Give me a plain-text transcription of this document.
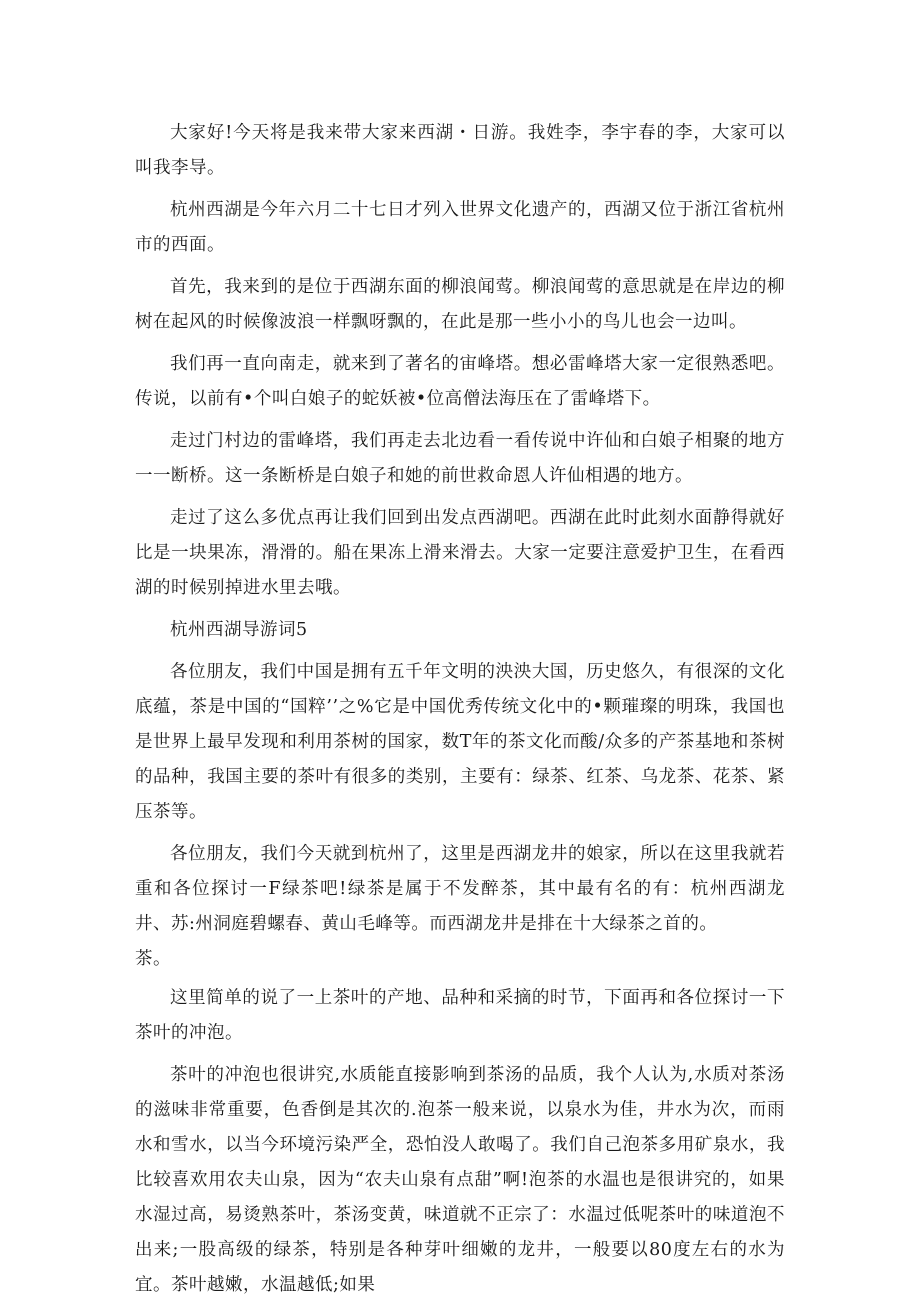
大家好!今天将是我来带大家来西湖・日游。我姓李，李宇春的李，大家可以叫我李导。

杭州西湖是今年六月二十七日才列入世界文化遗产的，西湖又位于浙江省杭州市的西面。

首先，我来到的是位于西湖东面的柳浪闻莺。柳浪闻莺的意思就是在岸边的柳树在起风的时候像波浪一样飘呀飘的，在此是那一些小小的鸟儿也会一边叫。

我们再一直向南走，就来到了著名的宙峰塔。想必雷峰塔大家一定很熟悉吧。传说，以前有•个叫白娘子的蛇妖被•位高僧法海压在了雷峰塔下。

走过门村边的雷峰塔，我们再走去北边看一看传说中许仙和白娘子相聚的地方一一断桥。这一条断桥是白娘子和她的前世救命恩人许仙相遇的地方。

走过了这么多优点再让我们回到出发点西湖吧。西湖在此时此刻水面静得就好比是一块果冻，滑滑的。船在果冻上滑来滑去。大家一定要注意爱护卫生，在看西湖的时候别掉进水里去哦。

杭州西湖导游词5

各位朋友，我们中国是拥有五千年文明的泱泱大国，历史悠久，有很深的文化底蕴，茶是中国的“国粹’’之%它是中国优秀传统文化中的•颗璀璨的明珠，我国也是世界上最早发现和利用茶树的国家，数T年的茶文化而酸/众多的产茶基地和茶树的品种，我国主要的茶叶有很多的类别，主要有：绿茶、红茶、乌龙茶、花茶、紧压茶等。

各位朋友，我们今天就到杭州了，这里是西湖龙井的娘家，所以在这里我就若重和各位探讨一F绿茶吧!绿茶是属于不发醉茶，其中最有名的有：杭州西湖龙井、苏:州洞庭碧螺春、黄山毛峰等。而西湖龙井是排在十大绿茶之首的。

茶。

这里简单的说了一上茶叶的产地、品种和采摘的时节，下面再和各位探讨一下茶叶的冲泡。

茶叶的冲泡也很讲究,水质能直接影响到茶汤的品质，我个人认为,水质对茶汤的滋味非常重要，色香倒是其次的.泡茶一般来说，以泉水为佳，井水为次，而雨水和雪水，以当今环境污染严全，恐怕没人敢喝了。我们自己泡茶多用矿泉水，我比较喜欢用农夫山泉，因为“农夫山泉有点甜”啊!泡茶的水温也是很讲究的，如果水湿过高，易烫熟茶叶，茶汤变黄，味道就不正宗了：水温过低呢茶叶的味道泡不出来;一股高级的绿茶，特别是各种芽叶细嫩的龙井，一般要以80度左右的水为宜。茶叶越嫩，水温越低;如果
